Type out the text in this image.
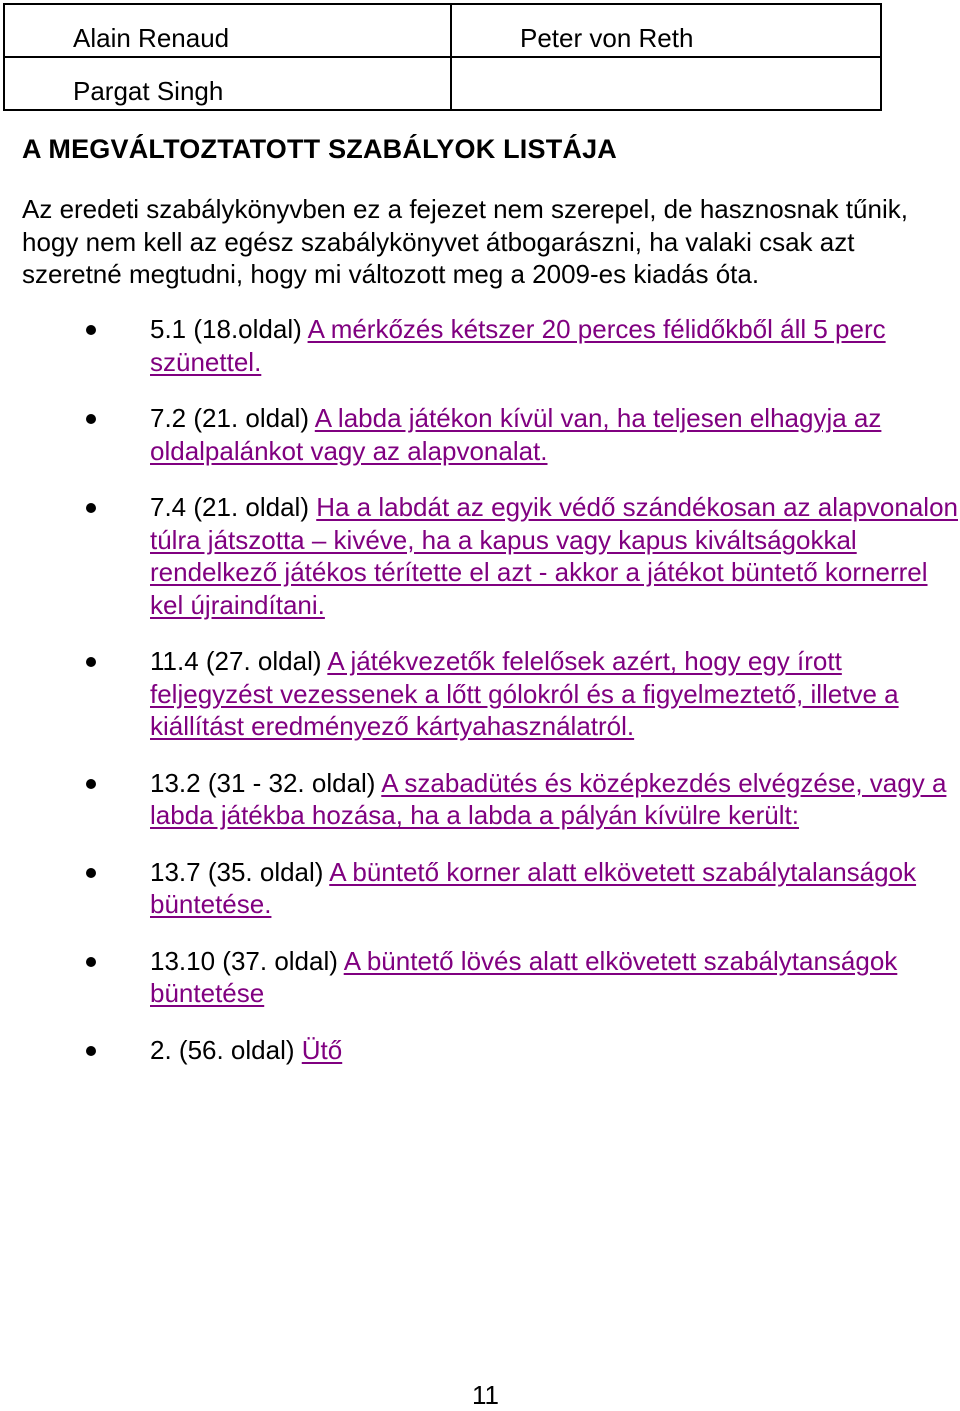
Alain Renaud	Peter von Reth

Pargat Singh	

A MEGVÁLTOZTATOTT SZABÁLYOK LISTÁJA

Az eredeti szabálykönyvben ez a fejezet nem szerepel, de hasznosnak tűnik, hogy nem kell az egész szabálykönyvet átbogarászni, ha valaki csak azt szeretné megtudni, hogy mi változott meg a 2009-es kiadás óta.

5.1 (18.oldal) A mérkőzés kétszer 20 perces félidőkből áll 5 perc szünettel.
7.2 (21. oldal) A labda játékon kívül van, ha teljesen elhagyja az oldalpalánkot vagy az alapvonalat.
7.4 (21. oldal) Ha a labdát az egyik védő szándékosan az alapvonalon túlra játszotta – kivéve, ha a kapus vagy kapus kiváltságokkal rendelkező játékos térítette el azt - akkor a játékot büntető kornerrel kel újraindítani.
11.4 (27. oldal) A játékvezetők felelősek azért, hogy egy írott feljegyzést vezessenek a lőtt gólokról és a figyelmeztető, illetve a kiállítást eredményező kártyahasználatról.
13.2 (31 - 32. oldal) A szabadütés és középkezdés elvégzése, vagy a labda játékba hozása, ha a labda a pályán kívülre került:
13.7 (35. oldal) A büntető korner alatt elkövetett szabálytalanságok büntetése.
13.10 (37. oldal) A büntető lövés alatt elkövetett szabálytanságok büntetése
2. (56. oldal) Ütő
11
